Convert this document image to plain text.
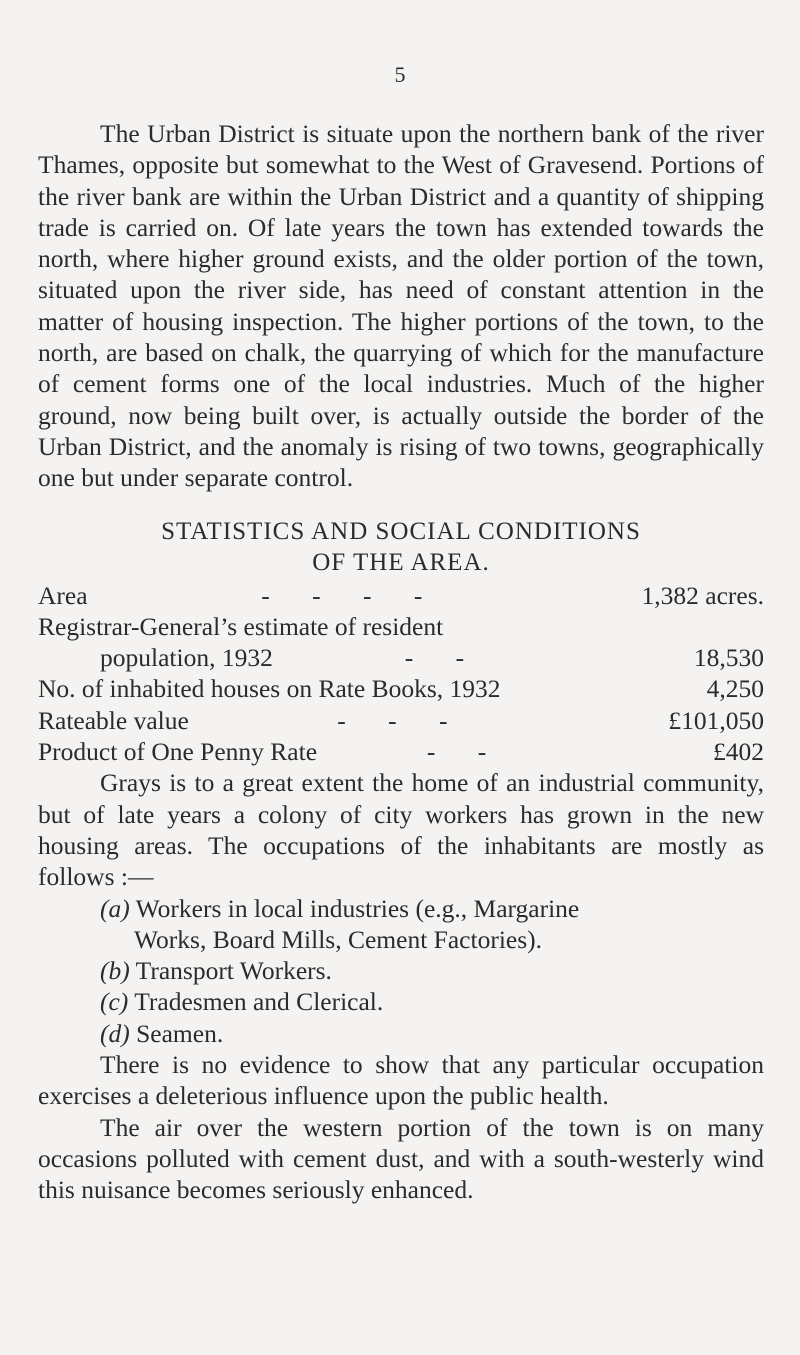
5

The Urban District is situate upon the northern bank of the river Thames, opposite but somewhat to the West of Gravesend. Portions of the river bank are within the Urban District and a quantity of shipping trade is carried on. Of late years the town has extended towards the north, where higher ground exists, and the older portion of the town, situated upon the river side, has need of constant attention in the matter of housing inspection. The higher portions of the town, to the north, are based on chalk, the quarrying of which for the manufacture of cement forms one of the local industries. Much of the higher ground, now being built over, is actually outside the border of the Urban District, and the anomaly is rising of two towns, geographically one but under separate control.

STATISTICS AND SOCIAL CONDITIONS
OF THE AREA.
Area	- - - -	1,382 acres.
Registrar-General’s estimate of resident
population, 1932	- -	18,530
No. of inhabited houses on Rate Books, 1932	4,250
Rateable value	- - -	£101,050
Product of One Penny Rate	- -	£402

Grays is to a great extent the home of an industrial community, but of late years a colony of city workers has grown in the new housing areas. The occupations of the inhabitants are mostly as follows :—

(a) Workers in local industries (e.g., Margarine
Works, Board Mills, Cement Factories).
(b) Transport Workers.
(c) Tradesmen and Clerical.
(d) Seamen.

There is no evidence to show that any particular occupation exercises a deleterious influence upon the public health.

The air over the western portion of the town is on many occasions polluted with cement dust, and with a south-westerly wind this nuisance becomes seriously enhanced.
